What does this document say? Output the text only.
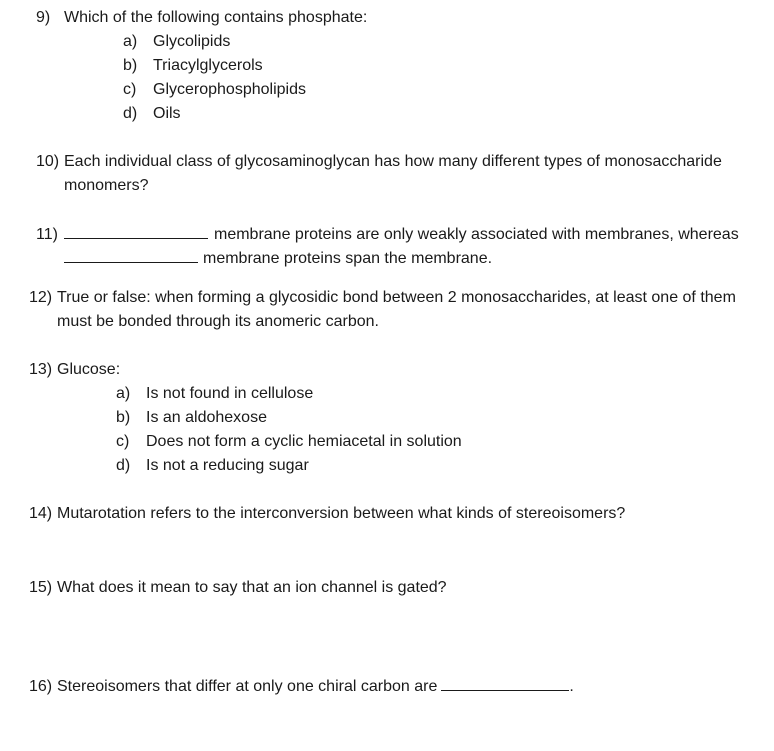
9) Which of the following contains phosphate:
a) Glycolipids
b) Triacylglycerols
c) Glycerophospholipids
d) Oils
10) Each individual class of glycosaminoglycan has how many different types of monosaccharide
monomers?
11)	membrane proteins are only weakly associated with membranes, whereas
membrane proteins span the membrane.
12) True or false: when forming a glycosidic bond between 2 monosaccharides, at least one of them
must be bonded through its anomeric carbon.
13) Glucose:
a) Is not found in cellulose
b) Is an aldohexose
c) Does not form a cyclic hemiacetal in solution
d) Is not a reducing sugar
14) Mutarotation refers to the interconversion between what kinds of stereoisomers?
15) What does it mean to say that an ion channel is gated?
16) Stereoisomers that differ at only one chiral carbon are	.
